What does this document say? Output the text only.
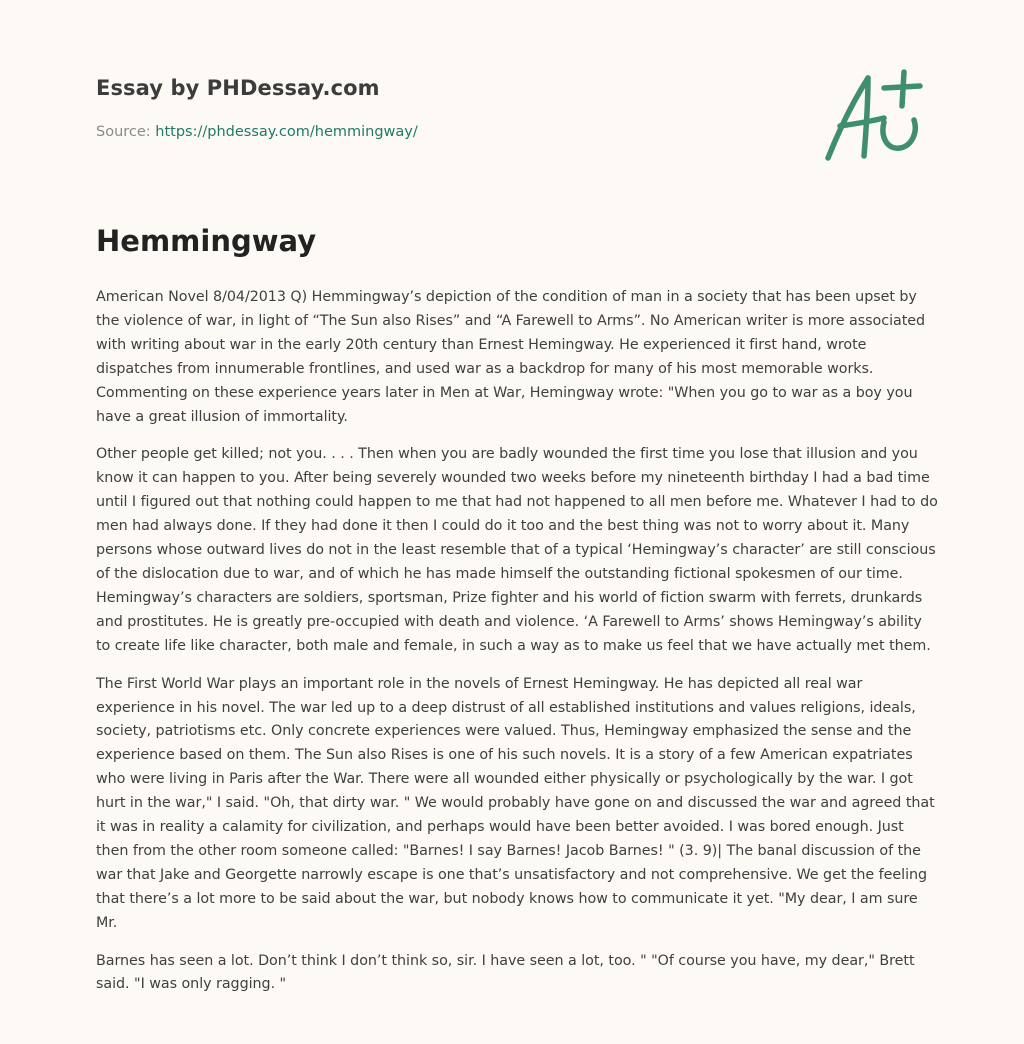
Essay by PHDessay.com
Source: https://phdessay.com/hemmingway/
Hemmingway

American Novel 8/04/2013 Q) Hemmingway’s depiction of the condition of man in a society that has been upset by the violence of war, in light of “The Sun also Rises” and “A Farewell to Arms”. No American writer is more associated with writing about war in the early 20th century than Ernest Hemingway. He experienced it first hand, wrote dispatches from innumerable frontlines, and used war as a backdrop for many of his most memorable works. Commenting on these experience years later in Men at War, Hemingway wrote: "When you go to war as a boy you have a great illusion of immortality.

Other people get killed; not you. . . . Then when you are badly wounded the first time you lose that illusion and you know it can happen to you. After being severely wounded two weeks before my nineteenth birthday I had a bad time until I figured out that nothing could happen to me that had not happened to all men before me. Whatever I had to do men had always done. If they had done it then I could do it too and the best thing was not to worry about it. Many persons whose outward lives do not in the least resemble that of a typical ‘Hemingway’s character’ are still conscious of the dislocation due to war, and of which he has made himself the outstanding fictional spokesmen of our time. Hemingway’s characters are soldiers, sportsman, Prize fighter and his world of fiction swarm with ferrets, drunkards and prostitutes. He is greatly pre-occupied with death and violence. ‘A Farewell to Arms’ shows Hemingway’s ability to create life like character, both male and female, in such a way as to make us feel that we have actually met them.

The First World War plays an important role in the novels of Ernest Hemingway. He has depicted all real war experience in his novel. The war led up to a deep distrust of all established institutions and values religions, ideals, society, patriotisms etc. Only concrete experiences were valued. Thus, Hemingway emphasized the sense and the experience based on them. The Sun also Rises is one of his such novels. It is a story of a few American expatriates who were living in Paris after the War. There were all wounded either physically or psychologically by the war. I got hurt in the war," I said. "Oh, that dirty war. " We would probably have gone on and discussed the war and agreed that it was in reality a calamity for civilization, and perhaps would have been better avoided. I was bored enough. Just then from the other room someone called: "Barnes! I say Barnes! Jacob Barnes! " (3. 9)| The banal discussion of the war that Jake and Georgette narrowly escape is one that’s unsatisfactory and not comprehensive. We get the feeling that there’s a lot more to be said about the war, but nobody knows how to communicate it yet. "My dear, I am sure Mr.

Barnes has seen a lot. Don’t think I don’t think so, sir. I have seen a lot, too. " "Of course you have, my dear," Brett said. "I was only ragging. "
